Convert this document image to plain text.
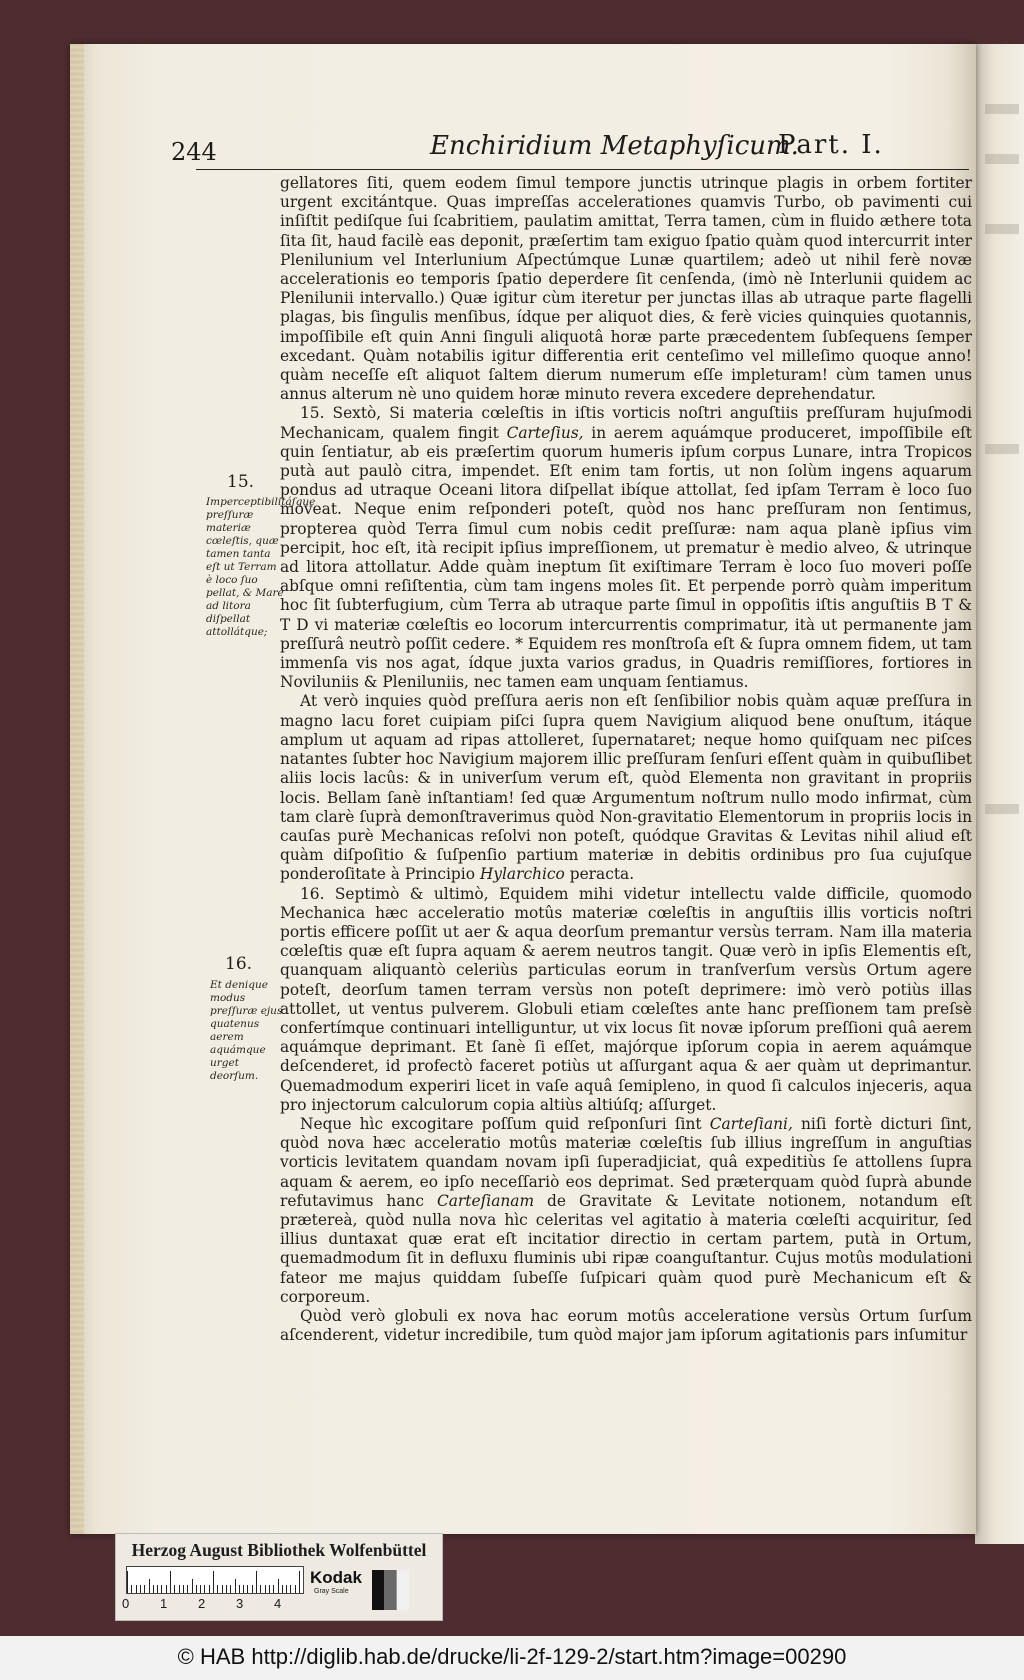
244	Enchiridium Metaphyſicum.
Part. I.
15.
Imperceptibilitáſque preſſuræ materiæ cœleſtis, quæ tamen tanta eſt ut Terram è loco ſuo pellat, & Mare ad litora diſpellat attollátque;
16.
Et denique modus preſſuræ ejus quatenus aerem aquámque urget deorſum.

gellatores ſiti, quem eodem ſimul tempore junctis utrinque plagis in orbem fortiter urgent excitántque. Quas impreſſas accelerationes quamvis Turbo, ob pavimenti cui inſiſtit pediſque ſui ſcabritiem, paulatim amittat, Terra tamen, cùm in fluido æthere tota ſita ſit, haud facilè eas deponit, præſertim tam exiguo ſpatio quàm quod intercurrit inter Plenilunium vel Interlunium Aſpectúmque Lunæ quartilem; adeò ut nihil ferè novæ accelerationis eo temporis ſpatio deperdere ſit cenſenda, (imò nè Interlunii quidem ac Plenilunii intervallo.) Quæ igitur cùm iteretur per junctas illas ab utraque parte flagelli plagas, bis ſingulis menſibus, ídque per aliquot dies, & ferè vicies quinquies quotannis, impoſſibile eſt quin Anni ſinguli aliquotâ horæ parte præcedentem ſubſequens ſemper excedant. Quàm notabilis igitur differentia erit centeſimo vel milleſimo quoque anno! quàm neceſſe eſt aliquot ſaltem dierum numerum eſſe impleturam! cùm tamen unus annus alterum nè uno quidem horæ minuto revera excedere deprehendatur.

15. Sextò, Si materia cœleſtis in iſtis vorticis noſtri anguſtiis preſſuram hujuſmodi Mechanicam, qualem fingit Carteſius, in aerem aquámque produceret, impoſſibile eſt quin ſentiatur, ab eis præſertim quorum humeris ipſum corpus Lunare, intra Tropicos putà aut paulò citra, impendet. Eſt enim tam fortis, ut non ſolùm ingens aquarum pondus ad utraque Oceani litora diſpellat ibíque attollat, ſed ipſam Terram è loco ſuo moveat. Neque enim reſponderi poteſt, quòd nos hanc preſſuram non ſentimus, propterea quòd Terra ſimul cum nobis cedit preſſuræ: nam aqua planè ipſius vim percipit, hoc eſt, ità recipit ipſius impreſſionem, ut prematur è medio alveo, & utrinque ad litora attollatur. Adde quàm ineptum ſit exiſtimare Terram è loco ſuo moveri poſſe abſque omni reſiſtentia, cùm tam ingens moles ſit. Et perpende porrò quàm imperitum hoc ſit ſubterfugium, cùm Terra ab utraque parte ſimul in oppoſitis iſtis anguſtiis B T & T D vi materiæ cœleſtis eo locorum intercurrentis comprimatur, ità ut permanente jam preſſurâ neutrò poſſit cedere. * Equidem res monſtroſa eſt & ſupra omnem fidem, ut tam immenſa vis nos agat, ídque juxta varios gradus, in Quadris remiſſiores, fortiores in Noviluniis & Pleniluniis, nec tamen eam unquam ſentiamus.

At verò inquies quòd preſſura aeris non eſt ſenſibilior nobis quàm aquæ preſſura in magno lacu foret cuipiam piſci ſupra quem Navigium aliquod bene onuſtum, itáque amplum ut aquam ad ripas attolleret, ſupernataret; neque homo quiſquam nec piſces natantes ſubter hoc Navigium majorem illic preſſuram ſenſuri eſſent quàm in quibuſlibet aliis locis lacûs: & in univerſum verum eſt, quòd Elementa non gravitant in propriis locis. Bellam ſanè inſtantiam! ſed quæ Argumentum noſtrum nullo modo infirmat, cùm tam clarè ſuprà demonſtraverimus quòd Non-gravitatio Elementorum in propriis locis in cauſas purè Mechanicas reſolvi non poteſt, quódque Gravitas & Levitas nihil aliud eſt quàm diſpoſitio & ſuſpenſio partium materiæ in debitis ordinibus pro ſua cujuſque ponderoſitate à Principio Hylarchico peracta.

16. Septimò & ultimò, Equidem mihi videtur intellectu valde difficile, quomodo Mechanica hæc acceleratio motûs materiæ cœleſtis in anguſtiis illis vorticis noſtri portis efficere poſſit ut aer & aqua deorſum premantur versùs terram. Nam illa materia cœleſtis quæ eſt ſupra aquam & aerem neutros tangit. Quæ verò in ipſis Elementis eſt, quanquam aliquantò celeriùs particulas eorum in tranſverſum versùs Ortum agere poteſt, deorſum tamen terram versùs non poteſt deprimere: imò verò potiùs illas attollet, ut ventus pulverem. Globuli etiam cœleſtes ante hanc preſſionem tam preſsè confertímque continuari intelliguntur, ut vix locus ſit novæ ipſorum preſſioni quâ aerem aquámque deprimant. Et ſanè ſi eſſet, majórque ipſorum copia in aerem aquámque deſcenderet, id profectò faceret potiùs ut aſſurgant aqua & aer quàm ut deprimantur. Quemadmodum experiri licet in vaſe aquâ ſemipleno, in quod ſi calculos injeceris, aqua pro injectorum calculorum copia altiùs altiúſq; aſſurget.

Neque hìc excogitare poſſum quid reſponſuri ſint Carteſiani, niſi fortè dicturi ſint, quòd nova hæc acceleratio motûs materiæ cœleſtis ſub illius ingreſſum in anguſtias vorticis levitatem quandam novam ipſi ſuperadjiciat, quâ expeditiùs ſe attollens ſupra aquam & aerem, eo ipſo neceſſariò eos deprimat. Sed præterquam quòd ſuprà abunde refutavimus hanc Carteſianam de Gravitate & Levitate notionem, notandum eſt prætereà, quòd nulla nova hìc celeritas vel agitatio à materia cœleſti acquiritur, ſed illius duntaxat quæ erat eſt incitatior directio in certam partem, putà in Ortum, quemadmodum ſit in defluxu fluminis ubi ripæ coanguſtantur. Cujus motûs modulationi fateor me majus quiddam ſubeſſe ſuſpicari quàm quod purè Mechanicum eſt & corporeum.

Quòd verò globuli ex nova hac eorum motûs acceleratione versùs Ortum ſurſum aſcenderent, videtur incredibile, tum quòd major jam ipſorum agitationis pars inſumitur

Herzog August Bibliothek Wolfenbüttel
0 1 2 3 4
Kodak
Gray Scale
© HAB http://diglib.hab.de/drucke/li-2f-129-2/start.htm?image=00290
